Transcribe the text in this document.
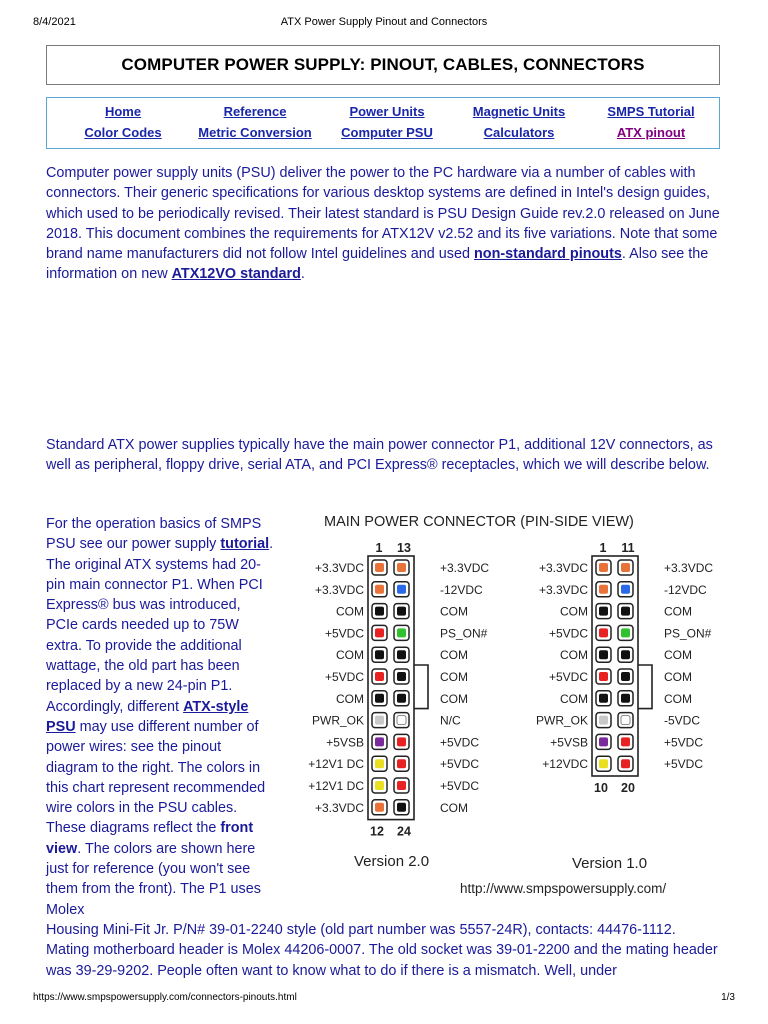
8/4/2021	ATX Power Supply Pinout and Connectors
COMPUTER POWER SUPPLY: PINOUT, CABLES, CONNECTORS
Home	Reference	Power Units	Magnetic Units	SMPS Tutorial
Color Codes	Metric Conversion	Computer PSU	Calculators	ATX pinout
Computer power supply units (PSU) deliver the power to the PC hardware via a number of cables with connectors. Their generic specifications for various desktop systems are defined in Intel's design guides, which used to be periodically revised. Their latest standard is PSU Design Guide rev.2.0 released on June 2018. This document combines the requirements for ATX12V v2.52 and its five variations. Note that some brand name manufacturers did not follow Intel guidelines and used non-standard pinouts. Also see the information on new ATX12VO standard.
Standard ATX power supplies typically have the main power connector P1, additional 12V connectors, as well as peripheral, floppy drive, serial ATA, and PCI Express® receptacles, which we will describe below.
For the operation basics of SMPS PSU see our power supply tutorial. The original ATX systems had 20-pin main connector P1. When PCI Express® bus was introduced, PCIe cards needed up to 75W extra. To provide the additional wattage, the old part has been replaced by a new 24-pin P1. Accordingly, different ATX-style PSU may use different number of power wires: see the pinout diagram to the right. The colors in this chart represent recommended wire colors in the PSU cables. These diagrams reflect the front view. The colors are shown here just for reference (you won't see them from the front). The P1 uses Molex
MAIN POWER CONNECTOR (PIN-SIDE VIEW)
1 13
12 24
+3.3VDC	+3.3VDC
+3.3VDC	-12VDC
COM	COM
+5VDC	PS_ON#
COM	COM
+5VDC	COM
COM	COM
PWR_OK	N/C
+5VSB	+5VDC
+12V1 DC	+5VDC
+12V1 DC	+5VDC
+3.3VDC	COM
1 11
10 20
+3.3VDC	+3.3VDC
+3.3VDC	-12VDC
COM	COM
+5VDC	PS_ON#
COM	COM
+5VDC	COM
COM	COM
PWR_OK	-5VDC
+5VSB	+5VDC
+12VDC	+5VDC
Version 2.0	Version 1.0
http://www.smpspowersupply.com/
Housing Mini-Fit Jr. P/N# 39-01-2240 style (old part number was 5557-24R), contacts: 44476-1112. Mating motherboard header is Molex 44206-0007. The old socket was 39-01-2200 and the mating header was 39-29-9202. People often want to know what to do if there is a mismatch. Well, under
https://www.smpspowersupply.com/connectors-pinouts.html	1/3
